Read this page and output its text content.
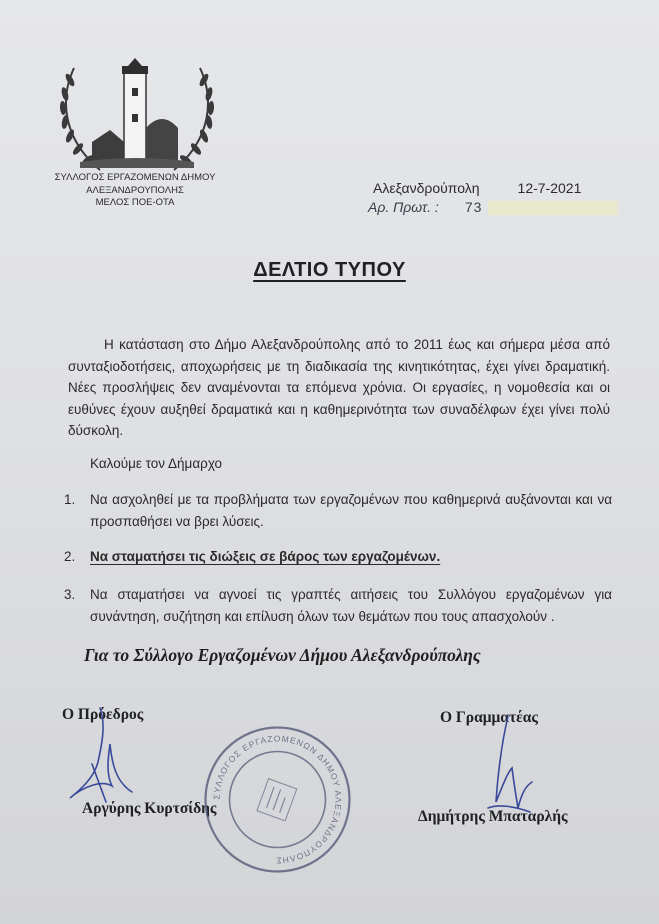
ΣΥΛΛΟΓΟΣ ΕΡΓΑΖΟΜΕΝΩΝ ΔΗΜΟΥ
ΑΛΕΞΑΝΔΡΟΥΠΟΛΗΣ
ΜΕΛΟΣ ΠΟΕ-ΟΤΑ
Αλεξανδρούπολη	12-7-2021
Αρ. Πρωτ. : 73
ΔΕΛΤΙΟ ΤΥΠΟΥ

Η κατάσταση στο Δήμο Αλεξανδρούπολης από το 2011 έως και σήμερα μέσα από συνταξιοδοτήσεις, αποχωρήσεις με τη διαδικασία της κινητικότητας, έχει γίνει δραματική. Νέες προσλήψεις δεν αναμένονται τα επόμενα χρόνια. Οι εργασίες, η νομοθεσία και οι ευθύνες έχουν αυξηθεί δραματικά και η καθημερινότητα των συναδέλφων έχει γίνει πολύ δύσκολη.

Καλούμε τον Δήμαρχο
1. Να ασχοληθεί με τα προβλήματα των εργαζομένων που καθημερινά αυξάνονται και να προσπαθήσει να βρει λύσεις.
2. Να σταματήσει τις διώξεις σε βάρος των εργαζομένων.
3. Να σταματήσει να αγνοεί τις γραπτές αιτήσεις του Συλλόγου εργαζομένων για συνάντηση, συζήτηση και επίλυση όλων των θεμάτων που τους απασχολούν .
Για το Σύλλογο Εργαζομένων Δήμου Αλεξανδρούπολης
Ο Πρόεδρος
Αργύρης Κυρτσίδης
Ο Γραμματέας
Δημήτρης Μπαταρλής
ΣΥΛΛΟΓΟΣ ΕΡΓΑΖΟΜΕΝΩΝ ΔΗΜΟΥ ΑΛΕΞΑΝΔΡΟΥΠΟΛΗΣ
